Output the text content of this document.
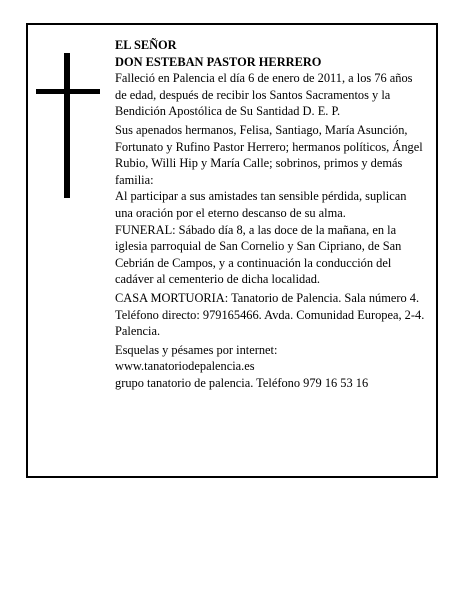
EL SEÑOR

DON ESTEBAN PASTOR HERRERO

Falleció en Palencia el día 6 de enero de 2011, a los 76 años de edad, después de recibir los Santos Sacramentos y la Bendición Apostólica de Su Santidad D. E. P.

Sus apenados hermanos, Felisa, Santiago, María Asunción, Fortunato y Rufino Pastor Herrero; hermanos políticos, Ángel Rubio, Willi Hip y María Calle; sobrinos, primos y demás familia:

Al participar a sus amistades tan sensible pérdida, suplican una oración por el eterno descanso de su alma.

FUNERAL: Sábado día 8, a las doce de la mañana, en la iglesia parroquial de San Cornelio y San Cipriano, de San Cebrián de Campos, y a continuación la conducción del cadáver al cementerio de dicha localidad.

CASA MORTUORIA: Tanatorio de Palencia. Sala número 4. Teléfono directo: 979165466. Avda. Comunidad Europea, 2-4. Palencia.

Esquelas y pésames por internet:

www.tanatoriodepalencia.es

grupo tanatorio de palencia. Teléfono 979 16 53 16
